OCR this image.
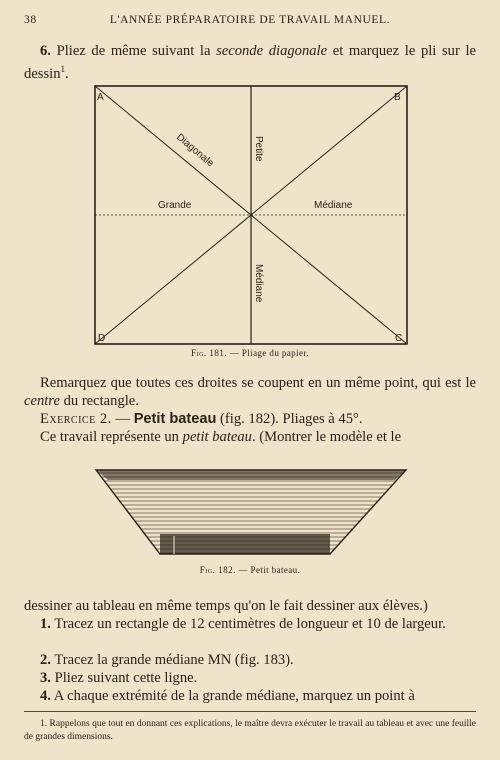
38	L'ANNÉE PRÉPARATOIRE DE TRAVAIL MANUEL.

6. Pliez de même suivant la seconde diagonale et marquez le pli sur le dessin$^1$.

A	B
C
D
Diagonale	Petite
Grande	Médiane
Médiane
Fig. 181. — Pliage du papier.

Remarquez que toutes ces droites se coupent en un même point, qui est le centre du rectangle.

Exercice 2. — Petit bateau (fig. 182). Pliages à 45°.

Ce travail représente un petit bateau. (Montrer le modèle et le

Fig. 182. — Petit bateau.

dessiner au tableau en même temps qu'on le fait dessiner aux élèves.)

1. Tracez un rectangle de 12 centimètres de longueur et 10 de largeur.

2. Tracez la grande médiane MN (fig. 183).

3. Pliez suivant cette ligne.

4. A chaque extrémité de la grande médiane, marquez un point à

1. Rappelons que tout en donnant ces explications, le maître devra exécuter le travail au tableau et avec une feuille de grandes dimensions.
